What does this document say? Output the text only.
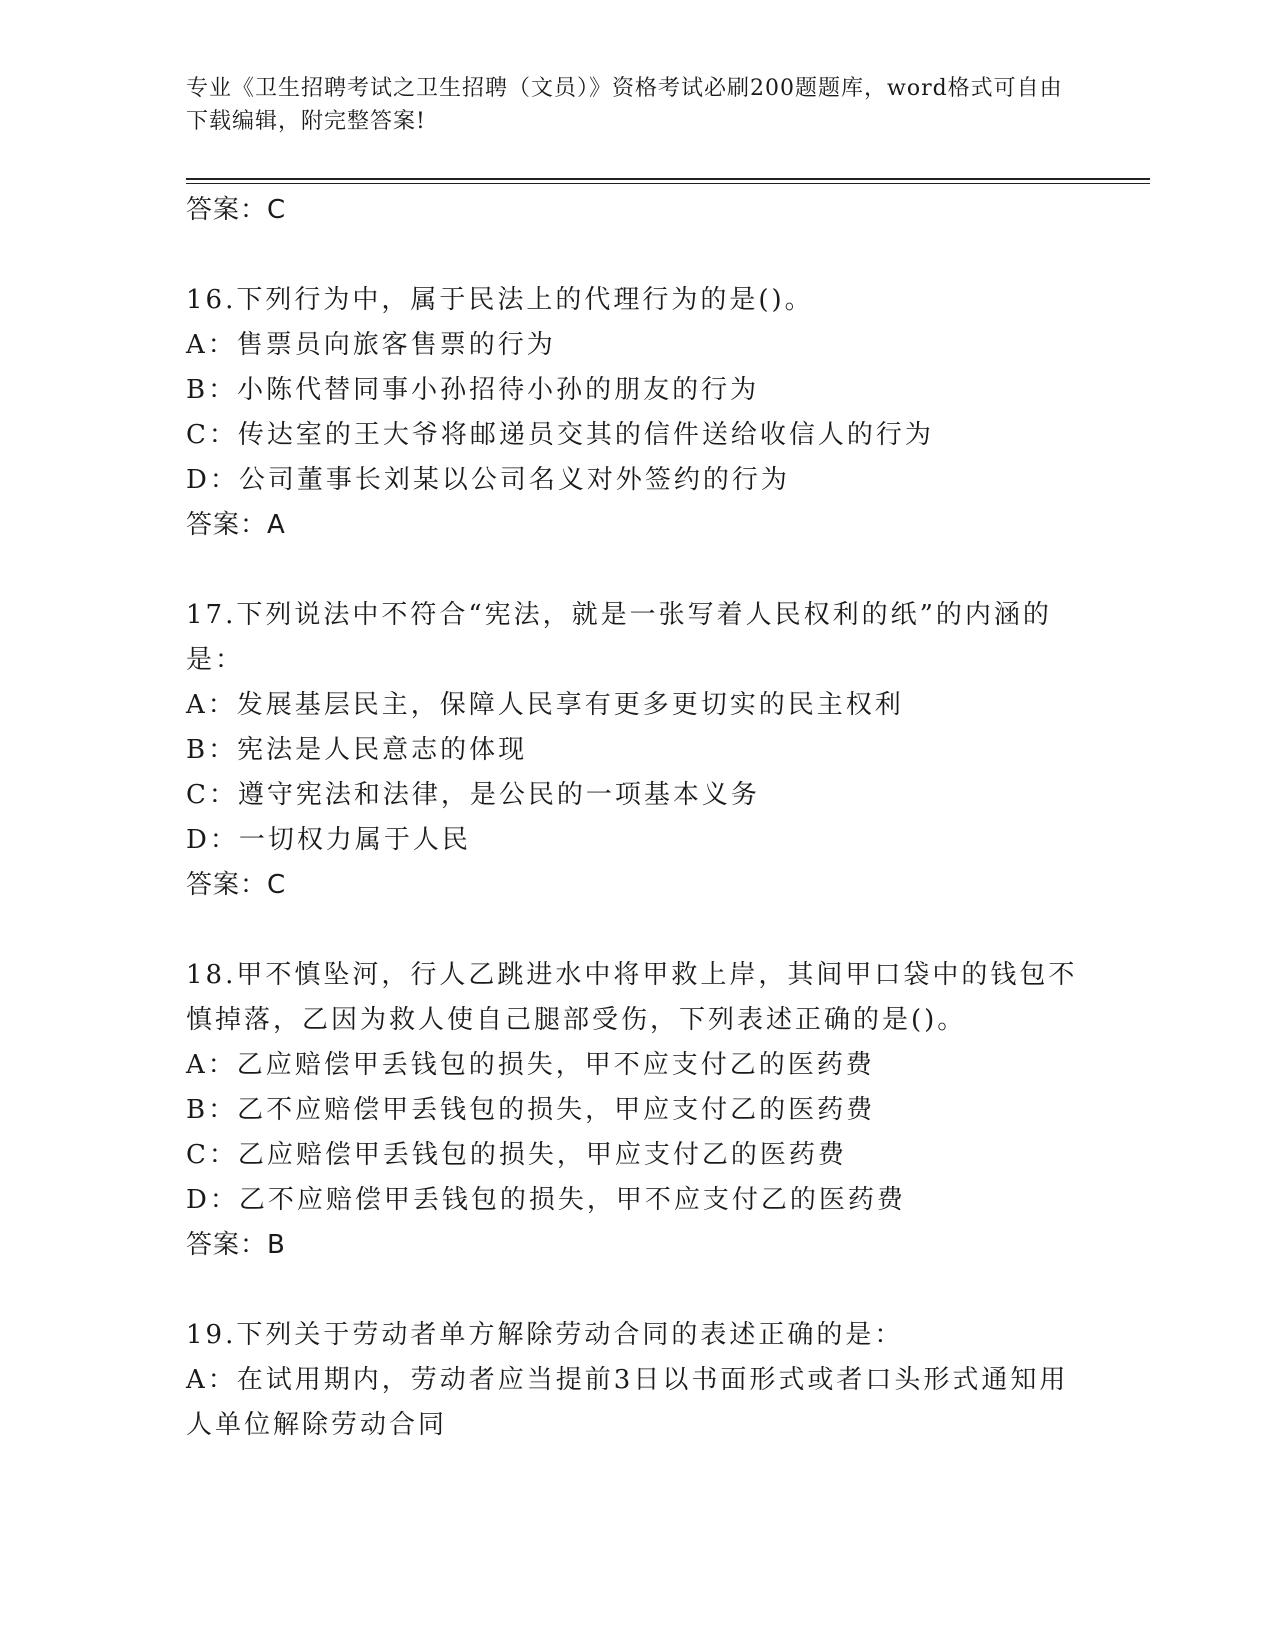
专业《卫生招聘考试之卫生招聘（文员）》资格考试必刷200题题库，word格式可自由下载编辑，附完整答案!

答案：C

16.下列行为中，属于民法上的代理行为的是()。

A：售票员向旅客售票的行为

B：小陈代替同事小孙招待小孙的朋友的行为

C：传达室的王大爷将邮递员交其的信件送给收信人的行为

D：公司董事长刘某以公司名义对外签约的行为

答案：A

17.下列说法中不符合“宪法，就是一张写着人民权利的纸”的内涵的是：

A：发展基层民主，保障人民享有更多更切实的民主权利

B：宪法是人民意志的体现

C：遵守宪法和法律，是公民的一项基本义务

D：一切权力属于人民

答案：C

18.甲不慎坠河，行人乙跳进水中将甲救上岸，其间甲口袋中的钱包不慎掉落，乙因为救人使自己腿部受伤，下列表述正确的是()。

A：乙应赔偿甲丢钱包的损失，甲不应支付乙的医药费

B：乙不应赔偿甲丢钱包的损失，甲应支付乙的医药费

C：乙应赔偿甲丢钱包的损失，甲应支付乙的医药费

D：乙不应赔偿甲丢钱包的损失，甲不应支付乙的医药费

答案：B

19.下列关于劳动者单方解除劳动合同的表述正确的是：

A：在试用期内，劳动者应当提前3日以书面形式或者口头形式通知用人单位解除劳动合同
